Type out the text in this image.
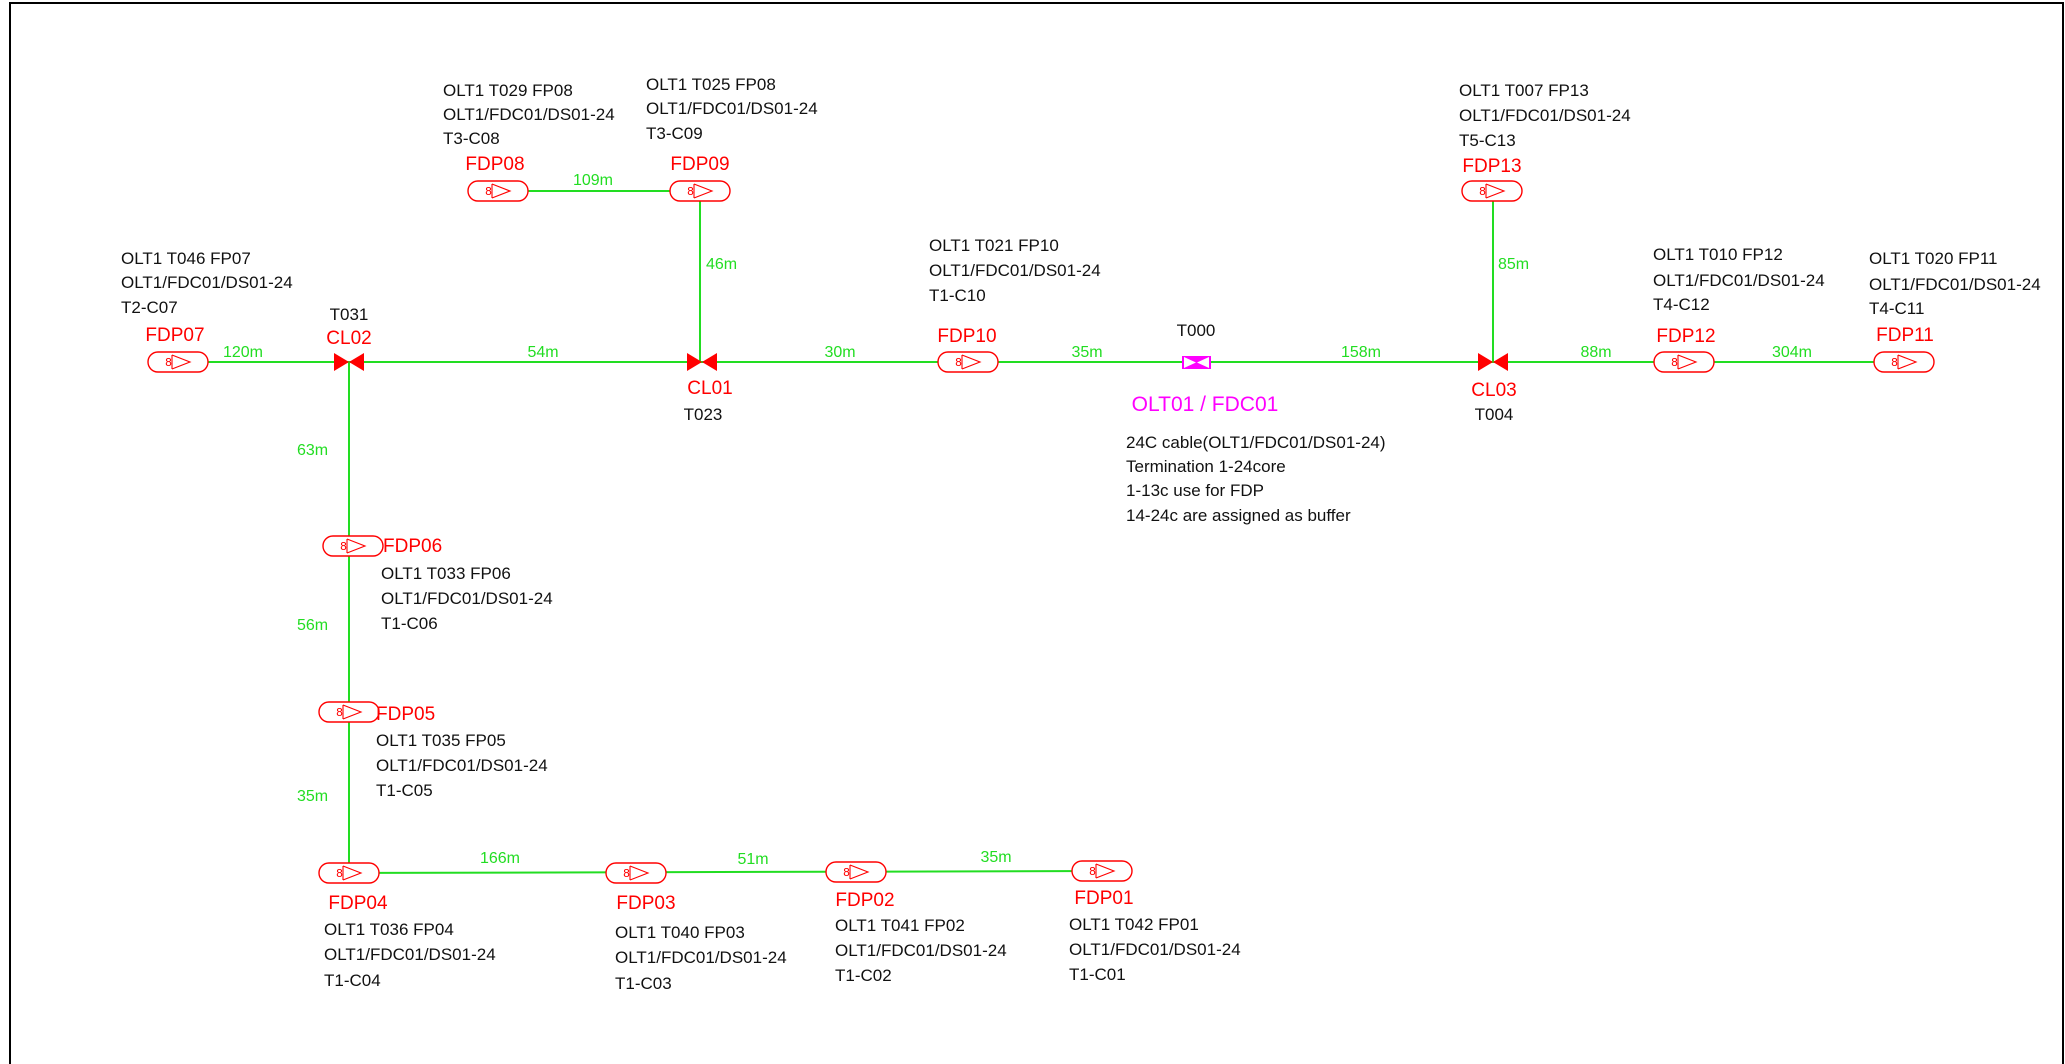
120m	54m
109m
46m
30m	35m	158m
85m
88m	304m
63m
56m
35m
166m	51m	35m
CL02
T031
CL01
T023
CL03
T004
T000
OLT01 / FDC01
24C cable(OLT1/FDC01/DS01-24)
Termination 1-24core
1-13c use for FDP
14-24c are assigned as buffer
8
FDP07
OLT1 T046 FP07
OLT1/FDC01/DS01-24
T2-C07
8
FDP08
OLT1 T029 FP08
OLT1/FDC01/DS01-24
T3-C08
8
FDP09
OLT1 T025 FP08
OLT1/FDC01/DS01-24
T3-C09
8
FDP10
OLT1 T021 FP10
OLT1/FDC01/DS01-24
T1-C10
8
FDP13
OLT1 T007 FP13
OLT1/FDC01/DS01-24
T5-C13
8
FDP12
OLT1 T010 FP12
OLT1/FDC01/DS01-24
T4-C12
8
FDP11
OLT1 T020 FP11
OLT1/FDC01/DS01-24
T4-C11
8 FDP06
OLT1 T033 FP06
OLT1/FDC01/DS01-24
T1-C06
8 FDP05
OLT1 T035 FP05
OLT1/FDC01/DS01-24
T1-C05
8
FDP04
OLT1 T036 FP04
OLT1/FDC01/DS01-24
T1-C04
8
FDP03
OLT1 T040 FP03
OLT1/FDC01/DS01-24
T1-C03
8
FDP02
OLT1 T041 FP02
OLT1/FDC01/DS01-24
T1-C02
8
FDP01
OLT1 T042 FP01
OLT1/FDC01/DS01-24
T1-C01
